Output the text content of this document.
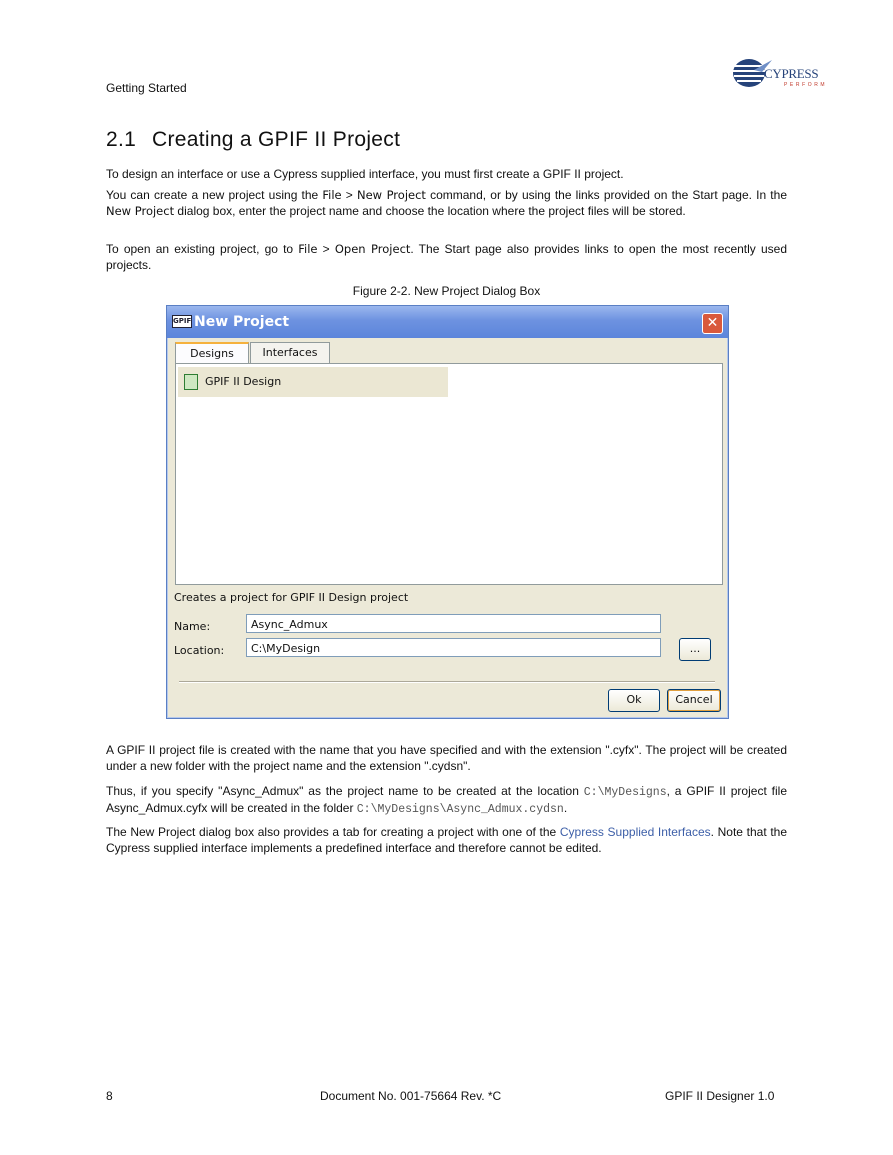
Getting Started
CYPRESS
PERFORM
2.1 Creating a GPIF II Project
To design an interface or use a Cypress supplied interface, you must first create a GPIF II project.
You can create a new project using the File > New Project command, or by using the links provided on the Start page. In the New Project dialog box, enter the project name and choose the location where the project files will be stored.
To open an existing project, go to File > Open Project. The Start page also provides links to open the most recently used projects.
Figure 2-2. New Project Dialog Box
GPIF New Project	✕
Designs	Interfaces
GPIF II Design
Creates a project for GPIF II Design project
Name:	Async_Admux
Location:	C:\MyDesign	...
Ok	Cancel
A GPIF II project file is created with the name that you have specified and with the extension ".cyfx". The project will be created under a new folder with the project name and the extension ".cydsn".
Thus, if you specify "Async_Admux" as the project name to be created at the location C:\MyDesigns, a GPIF II project file Async_Admux.cyfx will be created in the folder C:\MyDesigns\Async_Admux.cydsn.
The New Project dialog box also provides a tab for creating a project with one of the Cypress Supplied Interfaces. Note that the Cypress supplied interface implements a predefined interface and therefore cannot be edited.
8	Document No. 001-75664 Rev. *C	GPIF II Designer 1.0
